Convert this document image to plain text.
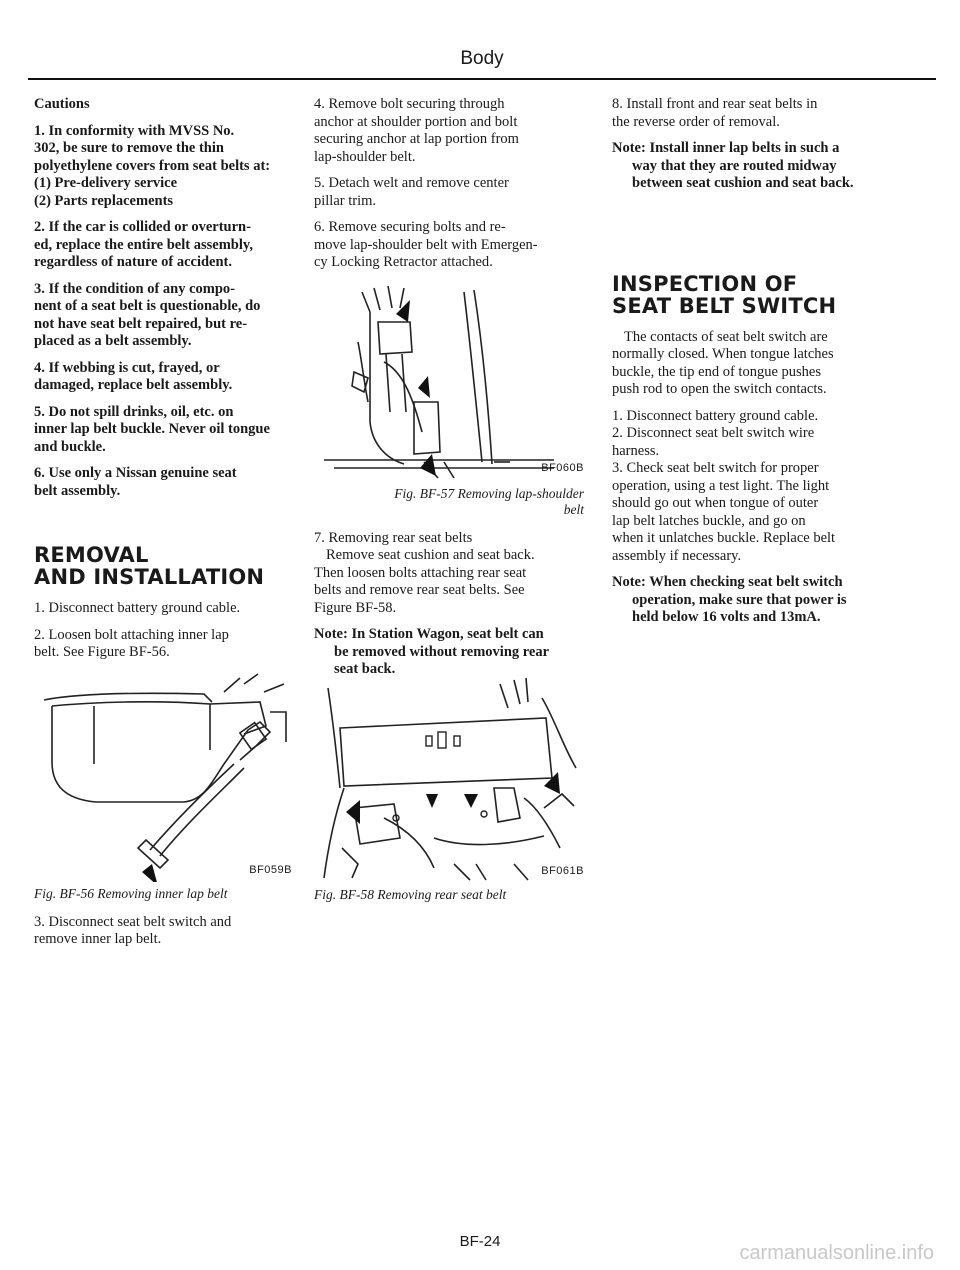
Body

Cautions

1. In conformity with MVSS No.
302, be sure to remove the thin
polyethylene covers from seat belts at:
(1) Pre-delivery service
(2) Parts replacements

2. If the car is collided or overturn-
ed, replace the entire belt assembly,
regardless of nature of accident.

3. If the condition of any compo-
nent of a seat belt is questionable, do
not have seat belt repaired, but re-
placed as a belt assembly.

4. If webbing is cut, frayed, or
damaged, replace belt assembly.

5. Do not spill drinks, oil, etc. on
inner lap belt buckle. Never oil tongue
and buckle.

6. Use only a Nissan genuine seat
belt assembly.

REMOVAL
AND INSTALLATION

1. Disconnect battery ground cable.

2. Loosen bolt attaching inner lap
belt. See Figure BF-56.

BF059B
Fig. BF-56 Removing inner lap belt

3. Disconnect seat belt switch and
remove inner lap belt.

4. Remove bolt securing through
anchor at shoulder portion and bolt
securing anchor at lap portion from
lap-shoulder belt.

5. Detach welt and remove center
pillar trim.

6. Remove securing bolts and re-
move lap-shoulder belt with Emergen-
cy Locking Retractor attached.

BF060B
Fig. BF-57 Removing lap-shoulder
belt

7. Removing rear seat belts
Remove seat cushion and seat back.
Then loosen bolts attaching rear seat
belts and remove rear seat belts. See
Figure BF-58.

Note: In Station Wagon, seat belt can
be removed without removing rear
seat back.
BF061B
Fig. BF-58 Removing rear seat belt

8. Install front and rear seat belts in
the reverse order of removal.

Note: Install inner lap belts in such a
way that they are routed midway
between seat cushion and seat back.
INSPECTION OF
SEAT BELT SWITCH

The contacts of seat belt switch are
normally closed. When tongue latches
buckle, the tip end of tongue pushes
push rod to open the switch contacts.

1. Disconnect battery ground cable.

2. Disconnect seat belt switch wire
harness.

3. Check seat belt switch for proper
operation, using a test light. The light
should go out when tongue of outer
lap belt latches buckle, and go on
when it unlatches buckle. Replace belt
assembly if necessary.

Note: When checking seat belt switch
operation, make sure that power is
held below 16 volts and 13mA.
BF-24
carmanualsonline.info
